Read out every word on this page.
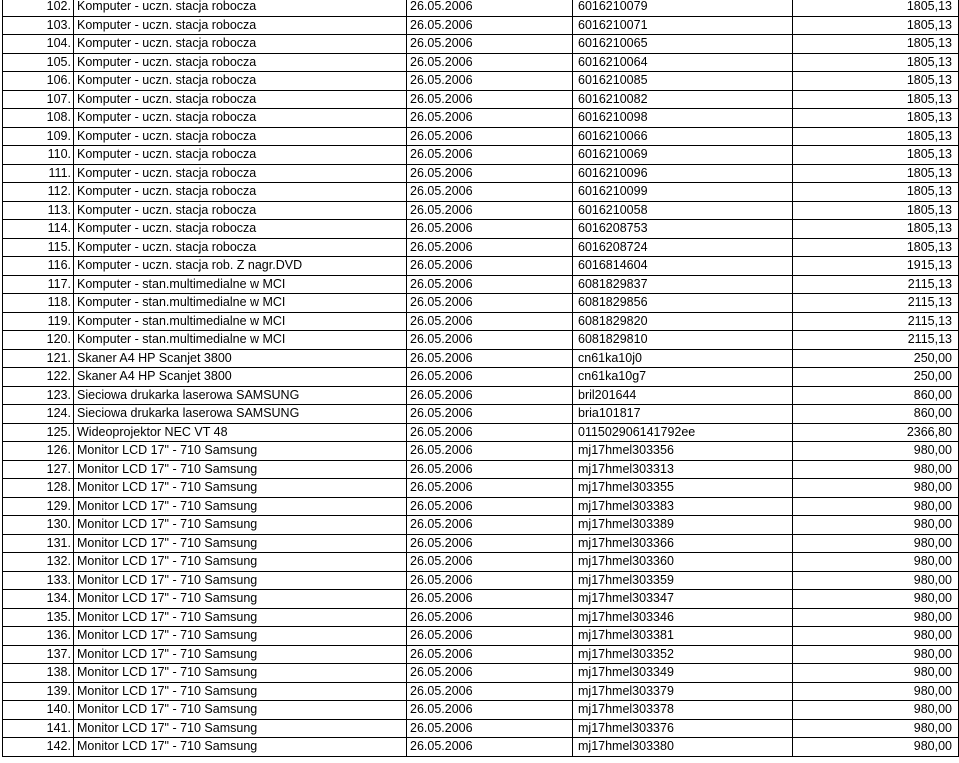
102.	Komputer - uczn. stacja robocza	26.05.2006	6016210079	1805,13
103.	Komputer - uczn. stacja robocza	26.05.2006	6016210071	1805,13
104.	Komputer - uczn. stacja robocza	26.05.2006	6016210065	1805,13
105.	Komputer - uczn. stacja robocza	26.05.2006	6016210064	1805,13
106.	Komputer - uczn. stacja robocza	26.05.2006	6016210085	1805,13
107.	Komputer - uczn. stacja robocza	26.05.2006	6016210082	1805,13
108.	Komputer - uczn. stacja robocza	26.05.2006	6016210098	1805,13
109.	Komputer - uczn. stacja robocza	26.05.2006	6016210066	1805,13
110.	Komputer - uczn. stacja robocza	26.05.2006	6016210069	1805,13
111.	Komputer - uczn. stacja robocza	26.05.2006	6016210096	1805,13
112.	Komputer - uczn. stacja robocza	26.05.2006	6016210099	1805,13
113.	Komputer - uczn. stacja robocza	26.05.2006	6016210058	1805,13
114.	Komputer - uczn. stacja robocza	26.05.2006	6016208753	1805,13
115.	Komputer - uczn. stacja robocza	26.05.2006	6016208724	1805,13
116.	Komputer - uczn. stacja rob. Z nagr.DVD	26.05.2006	6016814604	1915,13
117.	Komputer - stan.multimedialne w MCI	26.05.2006	6081829837	2115,13
118.	Komputer - stan.multimedialne w MCI	26.05.2006	6081829856	2115,13
119.	Komputer - stan.multimedialne w MCI	26.05.2006	6081829820	2115,13
120.	Komputer - stan.multimedialne w MCI	26.05.2006	6081829810	2115,13
121.	Skaner A4 HP Scanjet 3800	26.05.2006	cn61ka10j0	250,00
122.	Skaner A4 HP Scanjet 3800	26.05.2006	cn61ka10g7	250,00
123.	Sieciowa drukarka laserowa SAMSUNG	26.05.2006	bril201644	860,00
124.	Sieciowa drukarka laserowa SAMSUNG	26.05.2006	bria101817	860,00
125.	Wideoprojektor NEC VT 48	26.05.2006	011502906141792ee	2366,80
126.	Monitor LCD 17" - 710 Samsung	26.05.2006	mj17hmel303356	980,00
127.	Monitor LCD 17" - 710 Samsung	26.05.2006	mj17hmel303313	980,00
128.	Monitor LCD 17" - 710 Samsung	26.05.2006	mj17hmel303355	980,00
129.	Monitor LCD 17" - 710 Samsung	26.05.2006	mj17hmel303383	980,00
130.	Monitor LCD 17" - 710 Samsung	26.05.2006	mj17hmel303389	980,00
131.	Monitor LCD 17" - 710 Samsung	26.05.2006	mj17hmel303366	980,00
132.	Monitor LCD 17" - 710 Samsung	26.05.2006	mj17hmel303360	980,00
133.	Monitor LCD 17" - 710 Samsung	26.05.2006	mj17hmel303359	980,00
134.	Monitor LCD 17" - 710 Samsung	26.05.2006	mj17hmel303347	980,00
135.	Monitor LCD 17" - 710 Samsung	26.05.2006	mj17hmel303346	980,00
136.	Monitor LCD 17" - 710 Samsung	26.05.2006	mj17hmel303381	980,00
137.	Monitor LCD 17" - 710 Samsung	26.05.2006	mj17hmel303352	980,00
138.	Monitor LCD 17" - 710 Samsung	26.05.2006	mj17hmel303349	980,00
139.	Monitor LCD 17" - 710 Samsung	26.05.2006	mj17hmel303379	980,00
140.	Monitor LCD 17" - 710 Samsung	26.05.2006	mj17hmel303378	980,00
141.	Monitor LCD 17" - 710 Samsung	26.05.2006	mj17hmel303376	980,00
142.	Monitor LCD 17" - 710 Samsung	26.05.2006	mj17hmel303380	980,00
